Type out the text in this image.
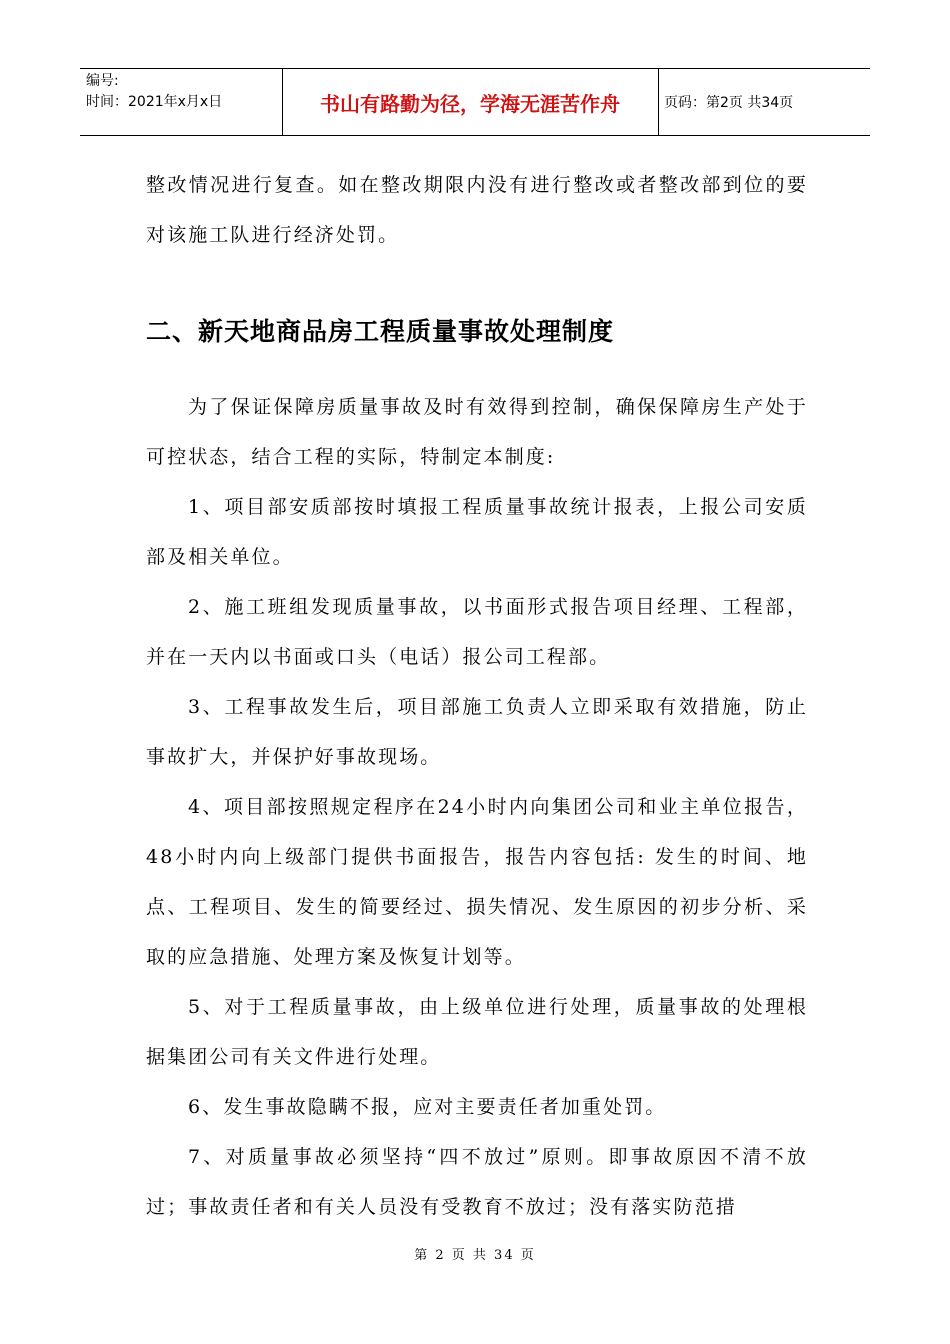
编号:
时间：2021年x月x日	书山有路勤为径，学海无涯苦作舟	页码：第2页 共34页

整改情况进行复查。如在整改期限内没有进行整改或者整改部到位的要对该施工队进行经济处罚。

二、新天地商品房工程质量事故处理制度

为了保证保障房质量事故及时有效得到控制，确保保障房生产处于可控状态，结合工程的实际，特制定本制度:

1、项目部安质部按时填报工程质量事故统计报表，上报公司安质部及相关单位。

2、施工班组发现质量事故，以书面形式报告项目经理、工程部，并在一天内以书面或口头（电话）报公司工程部。

3、工程事故发生后，项目部施工负责人立即采取有效措施，防止事故扩大，并保护好事故现场。

4、项目部按照规定程序在24小时内向集团公司和业主单位报告，48小时内向上级部门提供书面报告，报告内容包括: 发生的时间、地点、工程项目、发生的简要经过、损失情况、发生原因的初步分析、采取的应急措施、处理方案及恢复计划等。

5、对于工程质量事故，由上级单位进行处理，质量事故的处理根据集团公司有关文件进行处理。

6、发生事故隐瞒不报，应对主要责任者加重处罚。

7、对质量事故必须坚持“四不放过”原则。即事故原因不清不放过；事故责任者和有关人员没有受教育不放过；没有落实防范措

第 2 页 共 34 页
